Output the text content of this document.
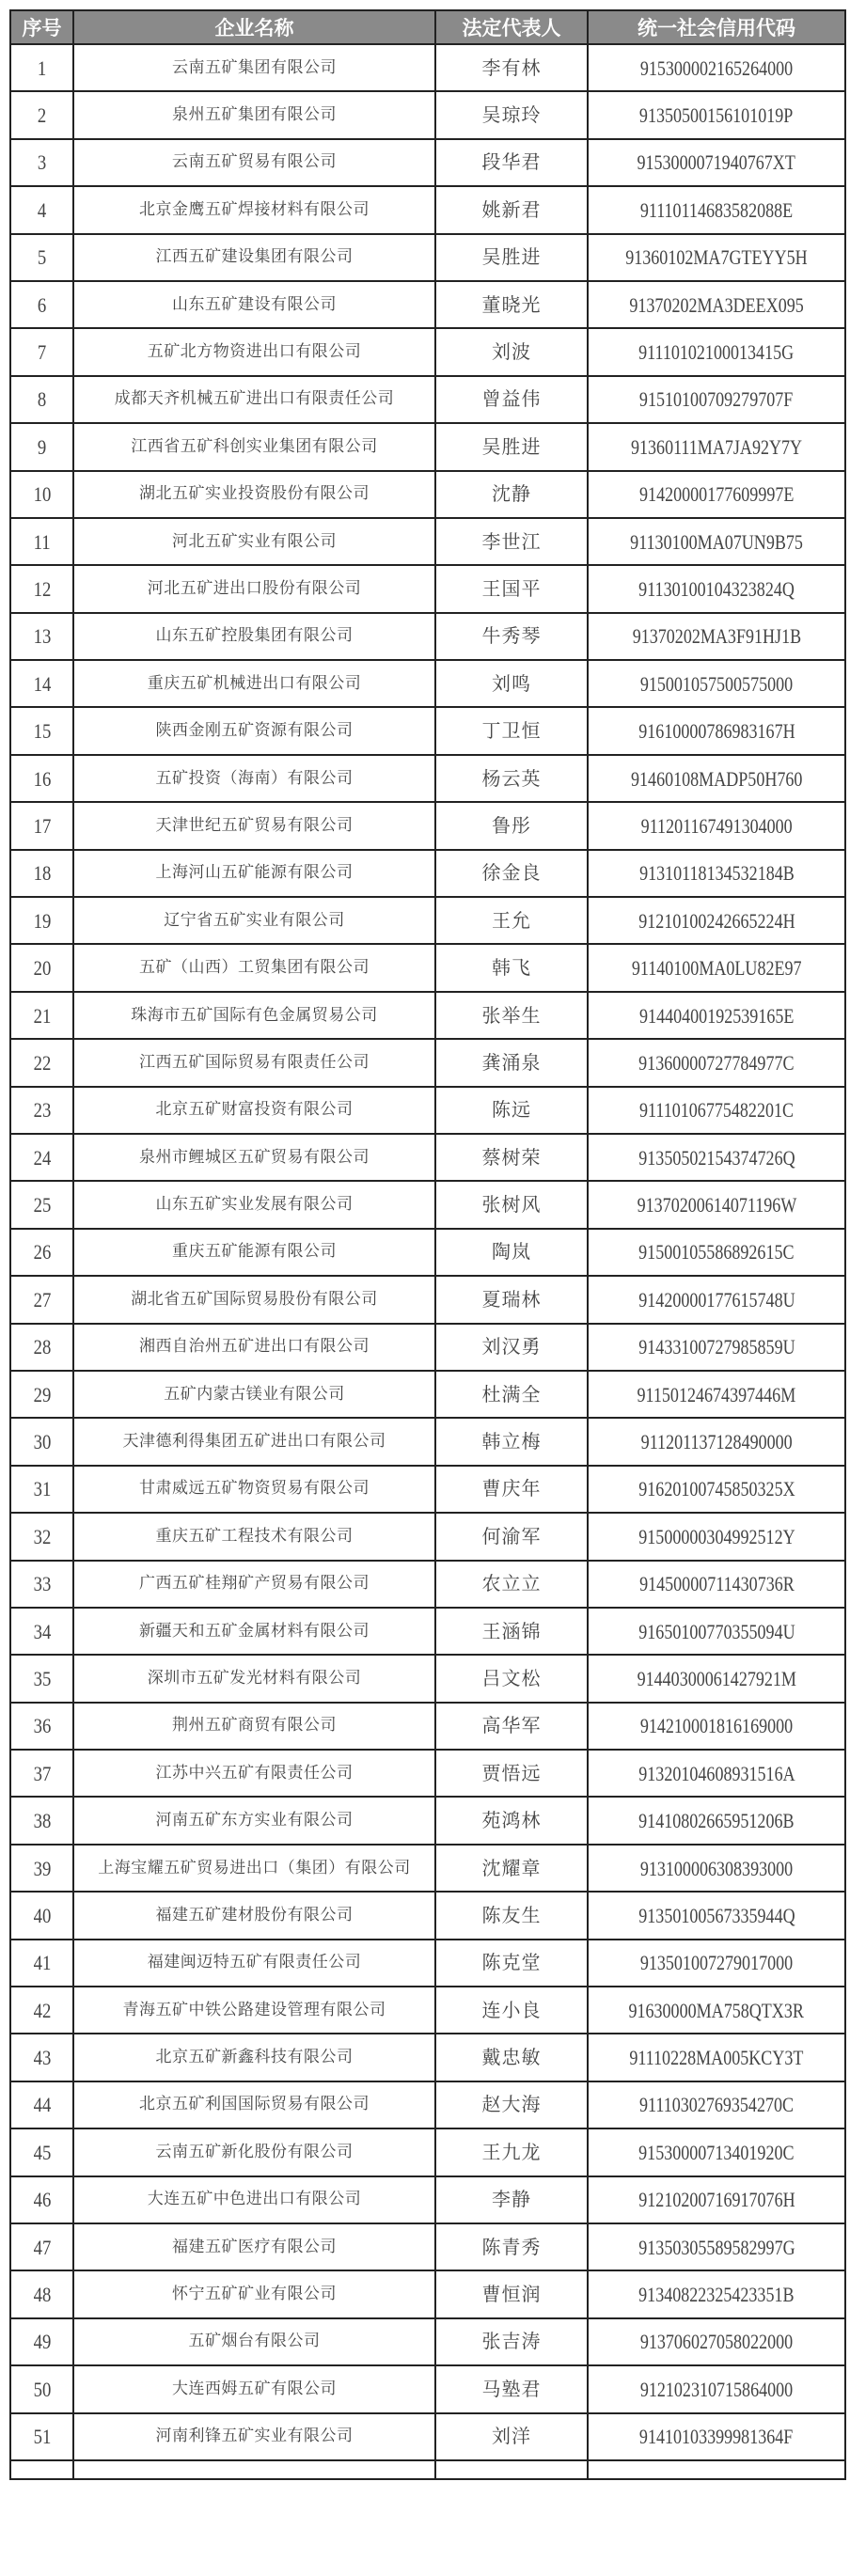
序号	企业名称	法定代表人	统一社会信用代码
1	云南五矿集团有限公司	李有林	91530000216526400​0
2	泉州五矿集团有限公司	吴琼玲	91350500156101019P
3	云南五矿贸易有限公司	段华君	915300007194076​7XT
4	北京金鹰五矿焊接材料有限公司	姚新君	91110114683582088E
5	江西五矿建设集团有限公司	吴胜进	91360102MA7GTEYY5H
6	山东五矿建设有限公司	董晓光	91370202MA3DEEX095
7	五矿北方物资进出口有限公司	刘波	91110102100013415G
8	成都天齐机械五矿进出口有限责任公司	曾益伟	91510100709279707F
9	江西省五矿科创实业集团有限公司	吴胜进	91360111MA7JA92Y7Y
10	湖北五矿实业投资股份有限公司	沈静	91420000177609997E
11	河北五矿实业有限公司	李世江	91130100MA07UN9B75
12	河北五矿进出口股份有限公司	王国平	91130100104323824Q
13	山东五矿控股集团有限公司	牛秀琴	91370202MA3F91HJ1B
14	重庆五矿机械进出口有限公司	刘鸣	915001057500575000
15	陕西金刚五矿资源有限公司	丁卫恒	91610000786983167H
16	五矿投资（海南）有限公司	杨云英	91460108MADP50H760
17	天津世纪五矿贸易有限公司	鲁彤	911201167491304000
18	上海河山五矿能源有限公司	徐金良	91310118134532184B
19	辽宁省五矿实业有限公司	王允	91210100242665224H
20	五矿（山西）工贸集团有限公司	韩飞	91140100MA0LU82E97
21	珠海市五矿国际有色金属贸易公司	张举生	91440400192539165E
22	江西五矿国际贸易有限责任公司	龚涌泉	91360000727784977C
23	北京五矿财富投资有限公司	陈远	91110106775482201C
24	泉州市鲤城区五矿贸易有限公司	蔡树荣	91350502154374726Q
25	山东五矿实业发展有限公司	张树风	91370200614071196W
26	重庆五矿能源有限公司	陶岚	91500105586892615C
27	湖北省五矿国际贸易股份有限公司	夏瑞林	91420000177615748U
28	湘西自治州五矿进出口有限公司	刘汉勇	91433100727985859U
29	五矿内蒙古镁业有限公司	杜满全	91150124674397446M
30	天津德利得集团五矿进出口有限公司	韩立梅	911201137128490000
31	甘肃威远五矿物资贸易有限公司	曹庆年	91620100745850325X
32	重庆五矿工程技术有限公司	何渝军	91500000304992512Y
33	广西五矿桂翔矿产贸易有限公司	农立立	91450000711430736R
34	新疆天和五矿金属材料有限公司	王涵锦	91650100770355094U
35	深圳市五矿发光材料有限公司	吕文松	91440300061427921M
36	荆州五矿商贸有限公司	高华军	914210001816169000
37	江苏中兴五矿有限责任公司	贾悟远	91320104608931516A
38	河南五矿东方实业有限公司	苑鸿林	91410802665951206B
39	上海宝耀五矿贸易进出口（集团）有限公司	沈耀章	913100006308393000
40	福建五矿建材股份有限公司	陈友生	91350100567335944Q
41	福建闽迈特五矿有限责任公司	陈克堂	913501007279017000
42	青海五矿中铁公路建设管理有限公司	连小良	91630000MA758QTX3R
43	北京五矿新鑫科技有限公司	戴忠敏	91110228MA005KCY3T
44	北京五矿利国国际贸易有限公司	赵大海	91110302769354270C
45	云南五矿新化股份有限公司	王九龙	91530000713401920C
46	大连五矿中色进出口有限公司	李静	91210200716917076H
47	福建五矿医疗有限公司	陈青秀	91350305589582997G
48	怀宁五矿矿业有限公司	曹恒润	91340822325423351B
49	五矿烟台有限公司	张吉涛	913706027058022000
50	大连西姆五矿有限公司	马塾君	912102310715864000
51	河南利锋五矿实业有限公司	刘洋	91410103399981364F
